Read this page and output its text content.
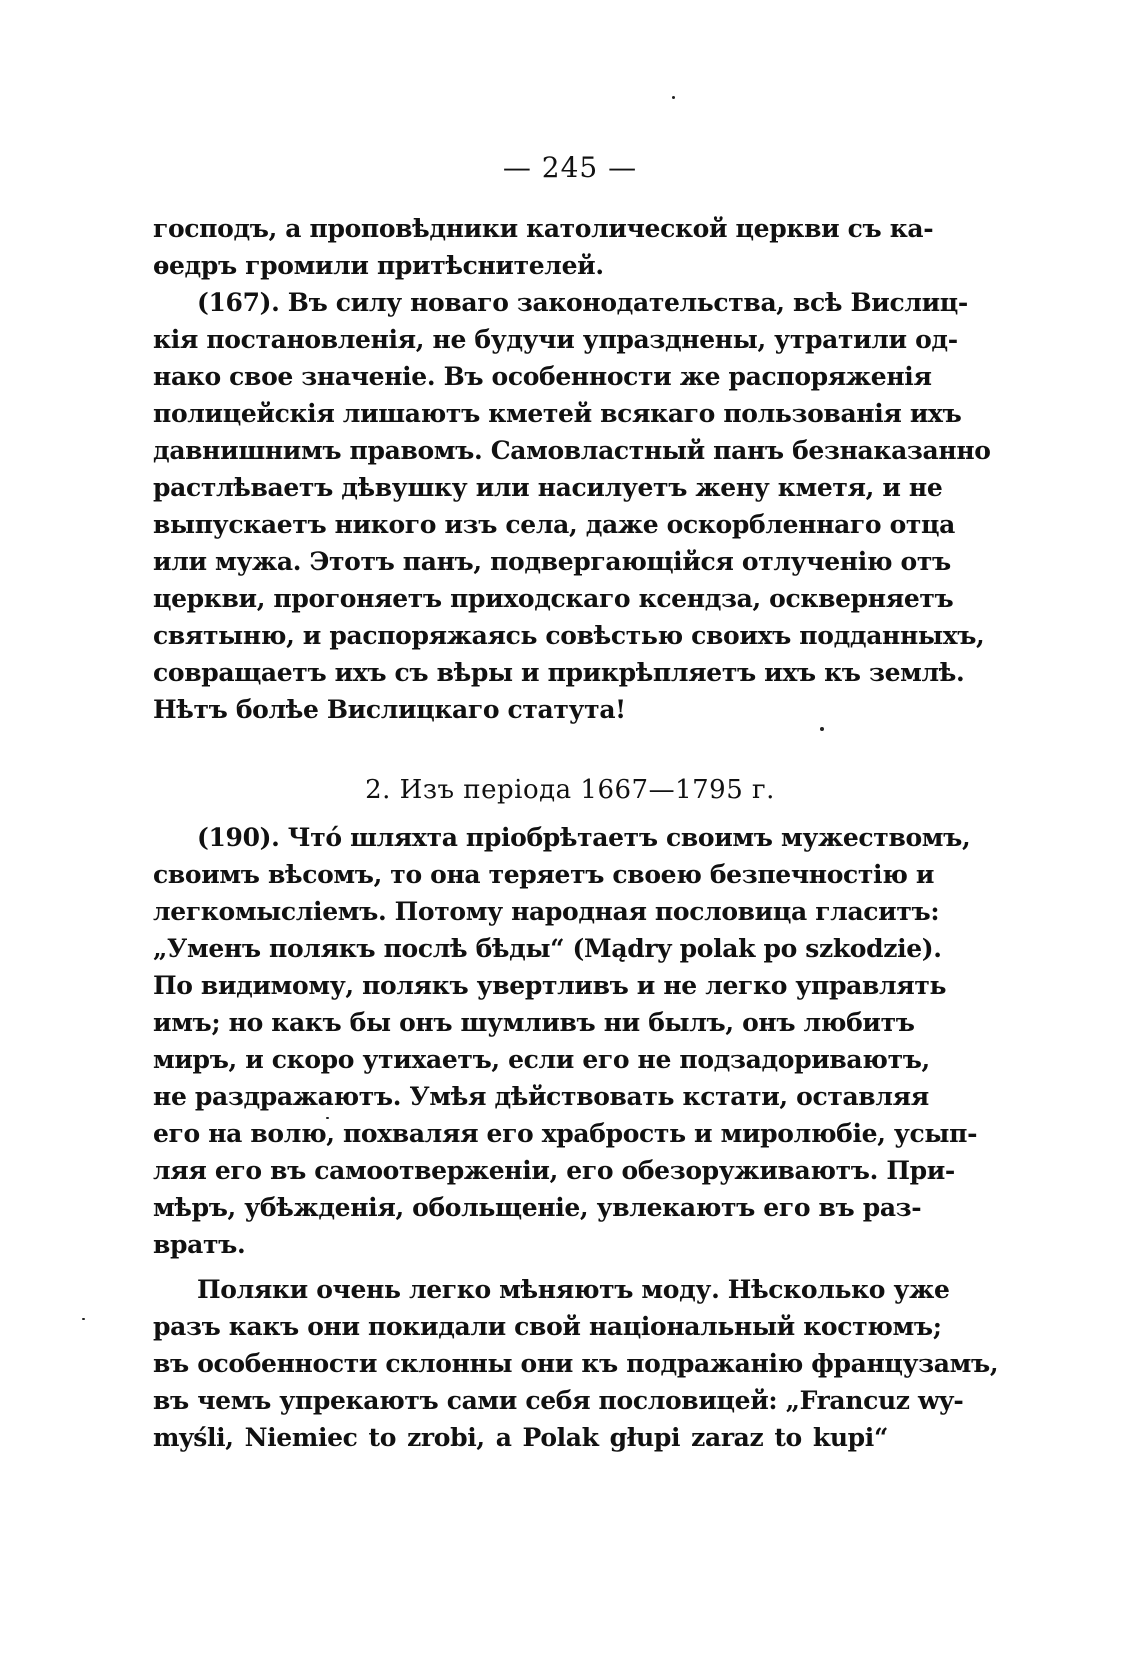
— 245 —
господъ, а проповѣдники католической церкви съ ка-
ѳедръ громили притѣснителей.
(167). Въ силу новаго законодательства, всѣ Вислиц-
кія постановленія, не будучи упразднены, утратили од-
нако свое значеніе. Въ особенности же распоряженія
полицейскія лишаютъ кметей всякаго пользованія ихъ
давнишнимъ правомъ. Самовластный панъ безнаказанно
растлѣваетъ дѣвушку или насилуетъ жену кметя, и не
выпускаетъ никого изъ села, даже оскорбленнаго отца
или мужа. Этотъ панъ, подвергающійся отлученію отъ
церкви, прогоняетъ приходскаго ксендза, оскверняетъ
святыню, и распоряжаясь совѣстью своихъ подданныхъ,
совращаетъ ихъ съ вѣры и прикрѣпляетъ ихъ къ землѣ.
Нѣтъ болѣе Вислицкаго статута!
2. Изъ періода 1667—1795 г.
(190). Что́ шляхта пріобрѣтаетъ своимъ мужествомъ,
своимъ вѣсомъ, то она теряетъ своею безпечностію и
легкомысліемъ. Потому народная пословица гласитъ:
„Уменъ полякъ послѣ бѣды“ (Mądry polak po szkodzie).
По видимому, полякъ увертливъ и не легко управлять
имъ; но какъ бы онъ шумливъ ни былъ, онъ любитъ
миръ, и скоро утихаетъ, если его не подзадориваютъ,
не раздражаютъ. Умѣя дѣйствовать кстати, оставляя
его на волю, похваляя его храбрость и миролюбіе, усып-
ляя его въ самоотверженіи, его обезоруживаютъ. При-
мѣръ, убѣжденія, обольщеніе, увлекаютъ его въ раз-
вратъ.
Поляки очень легко мѣняютъ моду. Нѣсколько уже
разъ какъ они покидали свой національный костюмъ;
въ особенности склонны они къ подражанію французамъ,
въ чемъ упрекаютъ сами себя пословицей: „Francuz wy-
myśli, Niemiec to zrobi, a Polak głupi zaraz to kupi“
